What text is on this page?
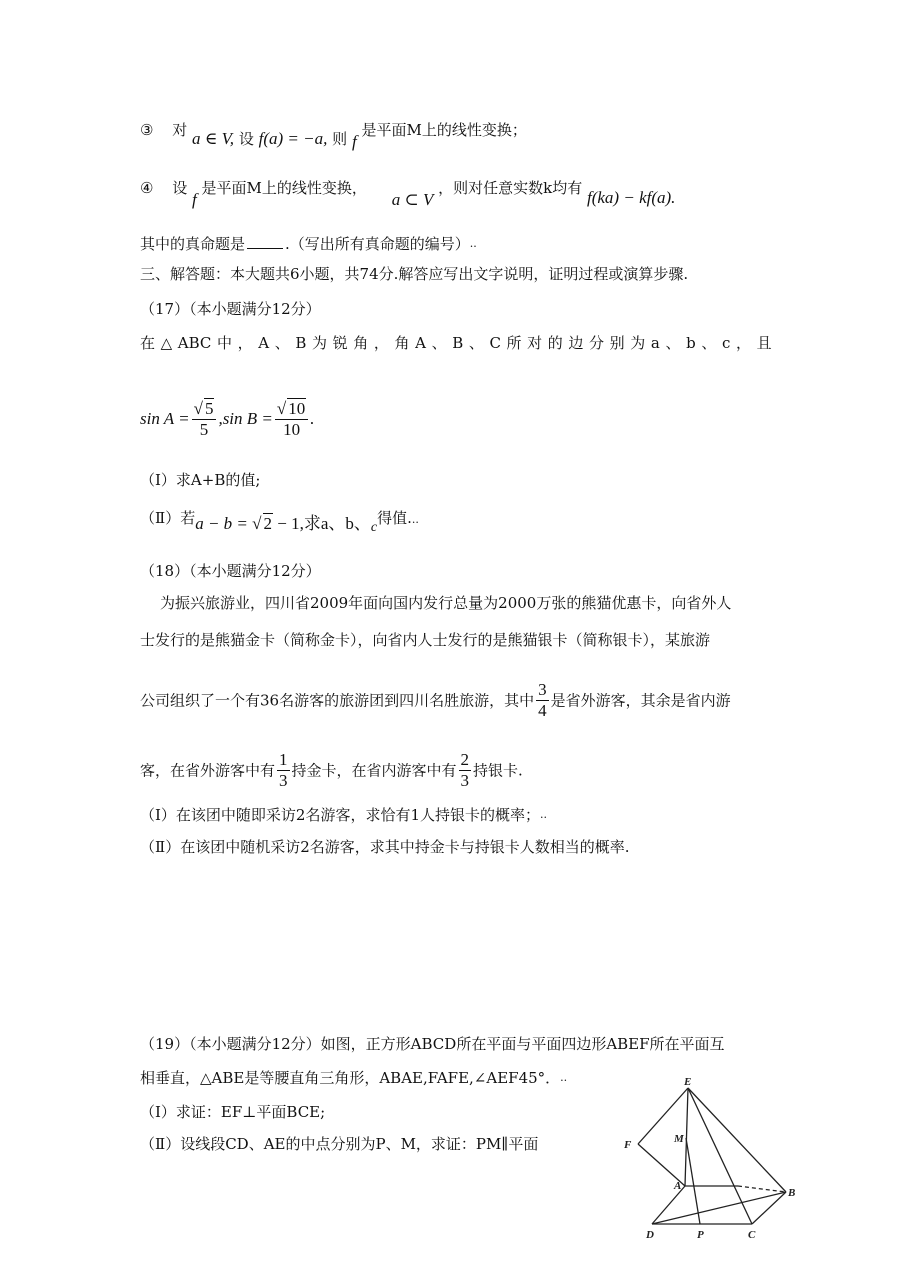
③ 对 a ∈ V, 设 f(a) = −a, 则 f 是平面M上的线性变换；
④ 设 f 是平面M上的线性变换， a ⊂ V ，则对任意实数k均有 f(ka) − kf(a).
其中的真命题是	.（写出所有真命题的编号）..
三、解答题：本大题共6小题，共74分.解答应写出文字说明，证明过程或演算步骤.
（17）（本小题满分12分）
在 △ ABC 中 ， A 、 B 为 锐 角 ， 角 A 、 B 、 C 所 对 的 边 分 别 为 a 、 b 、 c ， 且
$\sin A = \frac{√ 5}{5} ,\sin$ $B = \frac{√ 10}{10}$ .
（Ⅰ）求A+B的值;
（Ⅱ）若a − b = √ 2 − 1,求a、b、c得值...
（18）（本小题满分12分）
为振兴旅游业，四川省2009年面向国内发行总量为2000万张的熊猫优惠卡，向省外人
士发行的是熊猫金卡（简称金卡），向省内人士发行的是熊猫银卡（简称银卡），某旅游
公司组织了一个有36名游客的旅游团到四川名胜旅游，其中 $\frac{3}{4}$ 是省外游客，其余是省内游
客，在省外游客中有 $\frac{1}{3}$ 持金卡，在省内游客中有 $\frac{2}{3}$ 持银卡.
（Ⅰ）在该团中随即采访2名游客，求恰有1人持银卡的概率；..
（Ⅱ）在该团中随机采访2名游客，求其中持金卡与持银卡人数相当的概率.
（19）（本小题满分12分）如图，正方形ABCD所在平面与平面四边形ABEF所在平面互
相垂直，△ABE是等腰直角三角形，ABAE,FAFE,∠AEF45°．..
（Ⅰ）求证：EF⊥平面BCE;
（Ⅱ）设线段CD、AE的中点分别为P、M，求证：PM∥平面
E
F	M
A
B
D	P	C
